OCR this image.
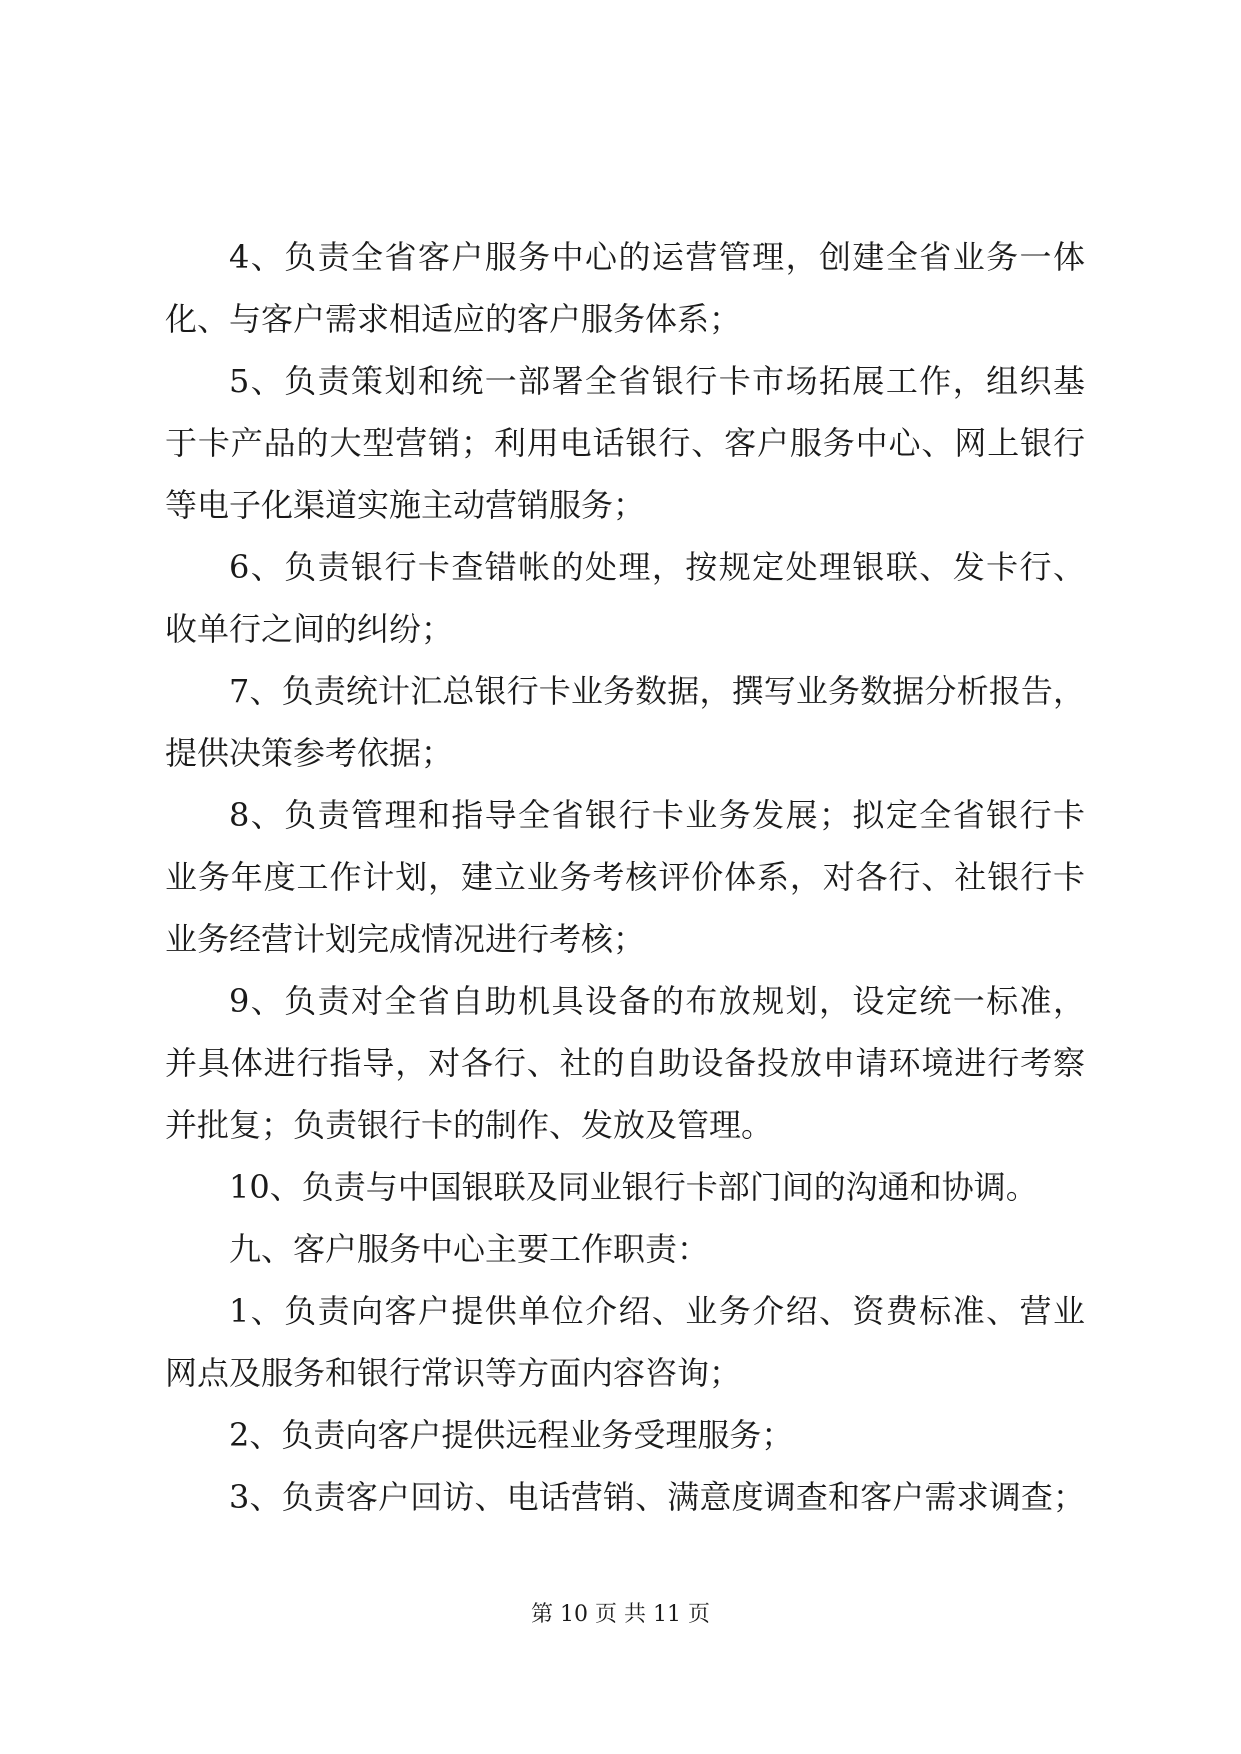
4、负责全省客户服务中心的运营管理，创建全省业务一体
化、与客户需求相适应的客户服务体系；
5、负责策划和统一部署全省银行卡市场拓展工作，组织基
于卡产品的大型营销；利用电话银行、客户服务中心、网上银行
等电子化渠道实施主动营销服务；
6、负责银行卡查错帐的处理，按规定处理银联、发卡行、
收单行之间的纠纷；
7、负责统计汇总银行卡业务数据，撰写业务数据分析报告，
提供决策参考依据；
8、负责管理和指导全省银行卡业务发展；拟定全省银行卡
业务年度工作计划，建立业务考核评价体系，对各行、社银行卡
业务经营计划完成情况进行考核；
9、负责对全省自助机具设备的布放规划，设定统一标准，
并具体进行指导，对各行、社的自助设备投放申请环境进行考察
并批复；负责银行卡的制作、发放及管理。
10、负责与中国银联及同业银行卡部门间的沟通和协调。
九、客户服务中心主要工作职责：
1、负责向客户提供单位介绍、业务介绍、资费标准、营业
网点及服务和银行常识等方面内容咨询；
2、负责向客户提供远程业务受理服务；
3、负责客户回访、电话营销、满意度调查和客户需求调查；
第 10 页 共 11 页
